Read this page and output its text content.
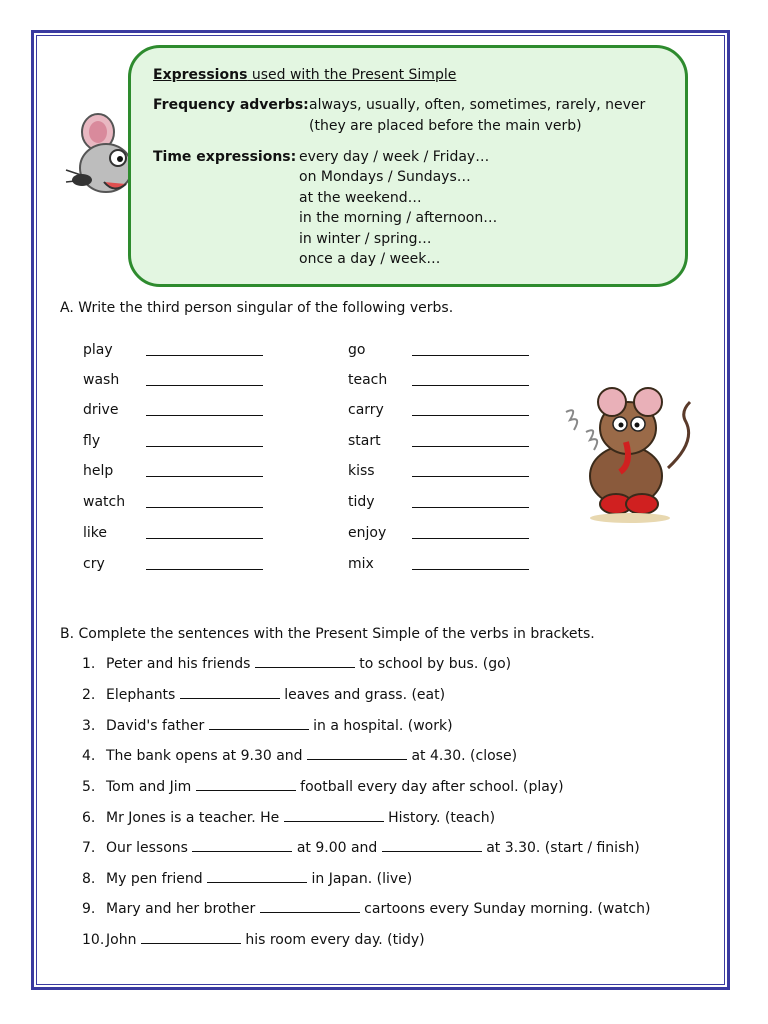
Expressions used with the Present Simple
Frequency adverbs: always, usually, often, sometimes, rarely, never
(they are placed before the main verb)
Time expressions: every day / week / Friday…
on Mondays / Sundays…
at the weekend…
in the morning / afternoon…
in winter / spring…
once a day / week…
A. Write the third person singular of the following verbs.
play
wash
drive
fly
help
watch
like
cry
go
teach
carry
start
kiss
tidy
enjoy
mix
B. Complete the sentences with the Present Simple of the verbs in brackets.
1. Peter and his friends	to school by bus. (go)
2. Elephants	leaves and grass. (eat)
3. David's father	in a hospital. (work)
4. The bank opens at 9.30 and	at 4.30. (close)
5. Tom and Jim	football every day after school. (play)
6. Mr Jones is a teacher. He	History. (teach)
7. Our lessons	at 9.00 and	at 3.30. (start / finish)
8. My pen friend	in Japan. (live)
9. Mary and her brother	cartoons every Sunday morning. (watch)
10. John	his room every day. (tidy)
